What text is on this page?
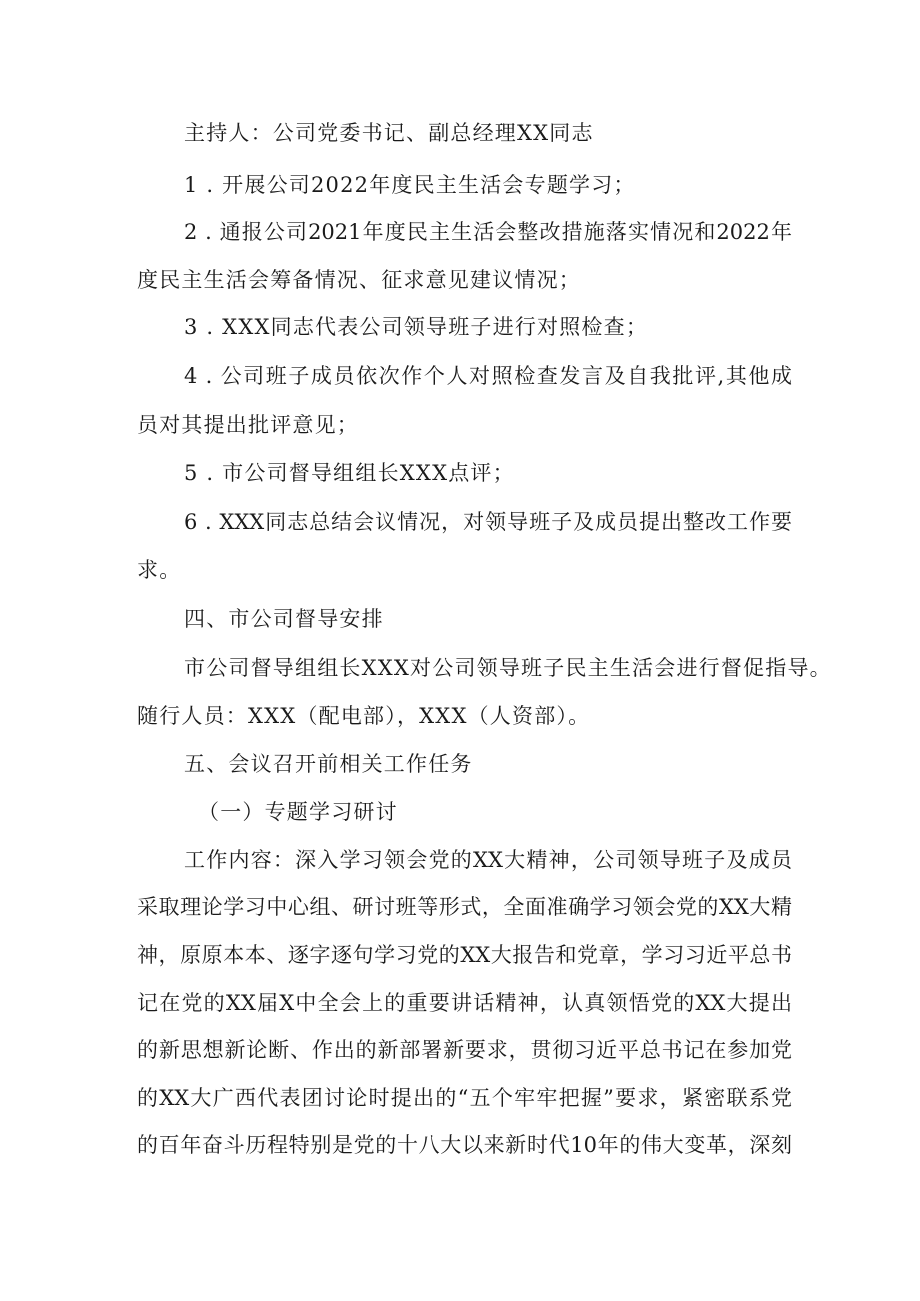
主持人：公司党委书记、副总经理XX同志
1 . 开展公司2022年度民主生活会专题学习；
2 . 通报公司2021年度民主生活会整改措施落实情况和2022年
度民主生活会筹备情况、征求意见建议情况；
3 . XXX同志代表公司领导班子进行对照检查；
4 . 公司班子成员依次作个人对照检查发言及自我批评,其他成
员对其提出批评意见；
5 . 市公司督导组组长XXX点评；
6 . XXX同志总结会议情况，对领导班子及成员提出整改工作要
求。
四、市公司督导安排
市公司督导组组长XXX对公司领导班子民主生活会进行督促指导。
随行人员：XXX（配电部），XXX（人资部）。
五、会议召开前相关工作任务
（一）专题学习研讨
工作内容：深入学习领会党的XX大精神，公司领导班子及成员
采取理论学习中心组、研讨班等形式，全面准确学习领会党的XX大精
神，原原本本、逐字逐句学习党的XX大报告和党章，学习习近平总书
记在党的XX届X中全会上的重要讲话精神，认真领悟党的XX大提出
的新思想新论断、作出的新部署新要求，贯彻习近平总书记在参加党
的XX大广西代表团讨论时提出的“五个牢牢把握”要求，紧密联系党
的百年奋斗历程特别是党的十八大以来新时代10年的伟大变革，深刻
